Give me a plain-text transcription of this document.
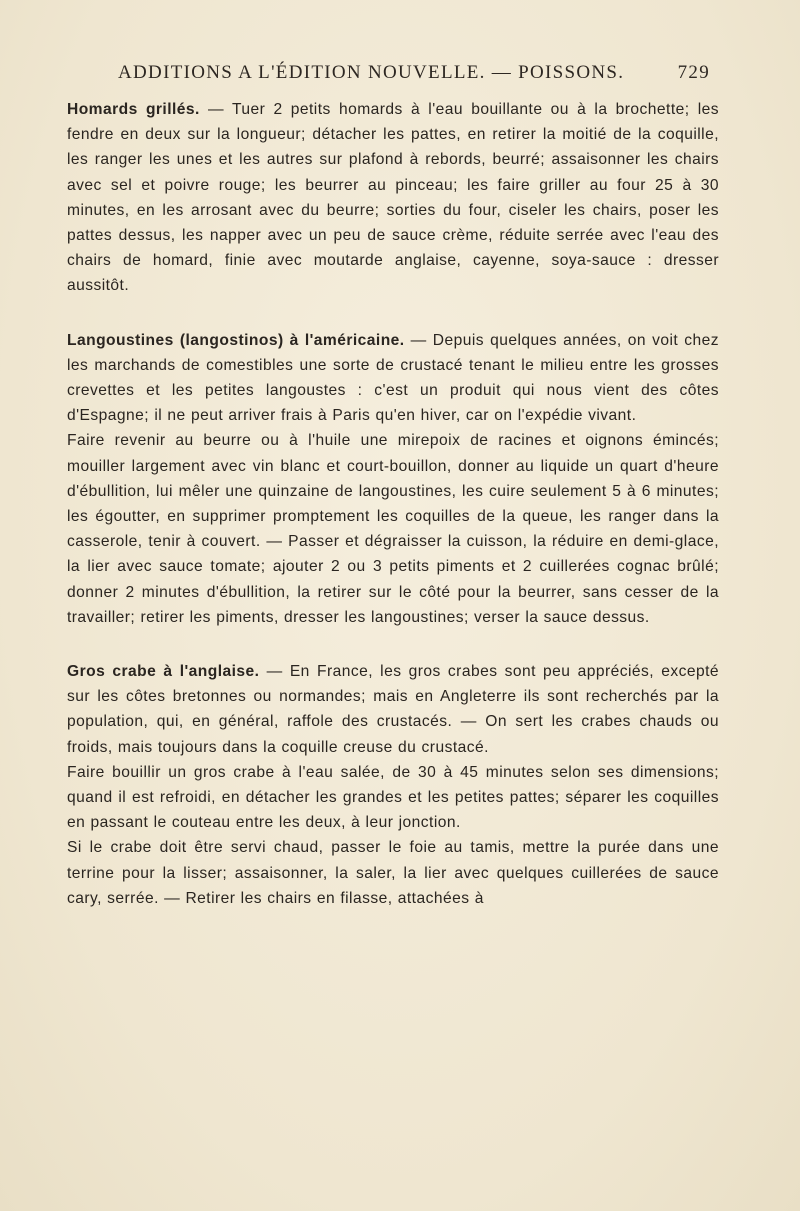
ADDITIONS A L'ÉDITION NOUVELLE. — POISSONS.	729

Homards grillés. — Tuer 2 petits homards à l'eau bouillante ou à la brochette; les fendre en deux sur la longueur; détacher les pattes, en retirer la moitié de la coquille, les ranger les unes et les autres sur plafond à rebords, beurré; assaisonner les chairs avec sel et poivre rouge; les beurrer au pinceau; les faire griller au four 25 à 30 minutes, en les arrosant avec du beurre; sorties du four, ciseler les chairs, poser les pattes dessus, les napper avec un peu de sauce crème, réduite serrée avec l'eau des chairs de homard, finie avec moutarde anglaise, cayenne, soya-sauce : dresser aussitôt.

Langoustines (langostinos) à l'américaine. — Depuis quelques années, on voit chez les marchands de comestibles une sorte de crustacé tenant le milieu entre les grosses crevettes et les petites langoustes : c'est un produit qui nous vient des côtes d'Espagne; il ne peut arriver frais à Paris qu'en hiver, car on l'expédie vivant.

Faire revenir au beurre ou à l'huile une mirepoix de racines et oignons émincés; mouiller largement avec vin blanc et court-bouillon, donner au liquide un quart d'heure d'ébullition, lui mêler une quinzaine de langoustines, les cuire seulement 5 à 6 minutes; les égoutter, en supprimer promptement les coquilles de la queue, les ranger dans la casserole, tenir à couvert. — Passer et dégraisser la cuisson, la réduire en demi-glace, la lier avec sauce tomate; ajouter 2 ou 3 petits piments et 2 cuillerées cognac brûlé; donner 2 minutes d'ébullition, la retirer sur le côté pour la beurrer, sans cesser de la travailler; retirer les piments, dresser les langoustines; verser la sauce dessus.

Gros crabe à l'anglaise. — En France, les gros crabes sont peu appréciés, excepté sur les côtes bretonnes ou normandes; mais en Angleterre ils sont recherchés par la population, qui, en général, raffole des crustacés. — On sert les crabes chauds ou froids, mais toujours dans la coquille creuse du crustacé.

Faire bouillir un gros crabe à l'eau salée, de 30 à 45 minutes selon ses dimensions; quand il est refroidi, en détacher les grandes et les petites pattes; séparer les coquilles en passant le couteau entre les deux, à leur jonction.

Si le crabe doit être servi chaud, passer le foie au tamis, mettre la purée dans une terrine pour la lisser; assaisonner, la saler, la lier avec quelques cuillerées de sauce cary, serrée. — Retirer les chairs en filasse, attachées à
